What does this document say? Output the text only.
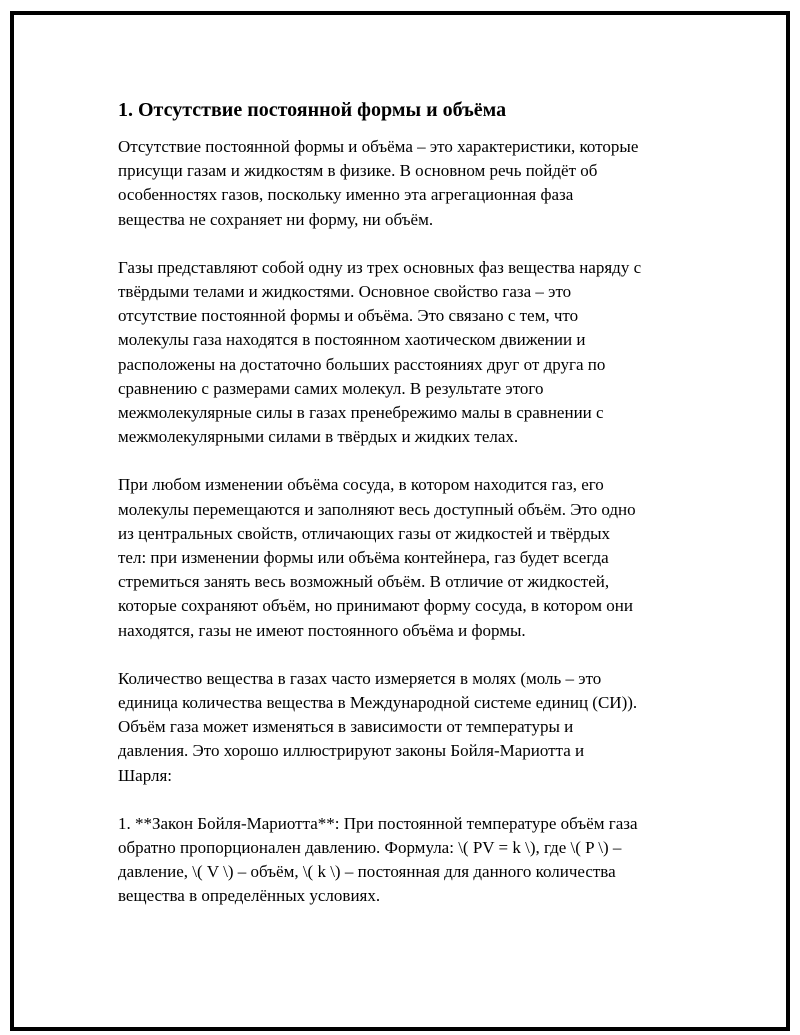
1. Отсутствие постоянной формы и объёма

Отсутствие постоянной формы и объёма – это характеристики, которые
присущи газам и жидкостям в физике. В основном речь пойдёт об
особенностях газов, поскольку именно эта агрегационная фаза
вещества не сохраняет ни форму, ни объём.

Газы представляют собой одну из трех основных фаз вещества наряду с
твёрдыми телами и жидкостями. Основное свойство газа – это
отсутствие постоянной формы и объёма. Это связано с тем, что
молекулы газа находятся в постоянном хаотическом движении и
расположены на достаточно больших расстояниях друг от друга по
сравнению с размерами самих молекул. В результате этого
межмолекулярные силы в газах пренебрежимо малы в сравнении с
межмолекулярными силами в твёрдых и жидких телах.

При любом изменении объёма сосуда, в котором находится газ, его
молекулы перемещаются и заполняют весь доступный объём. Это одно
из центральных свойств, отличающих газы от жидкостей и твёрдых
тел: при изменении формы или объёма контейнера, газ будет всегда
стремиться занять весь возможный объём. В отличие от жидкостей,
которые сохраняют объём, но принимают форму сосуда, в котором они
находятся, газы не имеют постоянного объёма и формы.

Количество вещества в газах часто измеряется в молях (моль – это
единица количества вещества в Международной системе единиц (СИ)).
Объём газа может изменяться в зависимости от температуры и
давления. Это хорошо иллюстрируют законы Бойля-Мариотта и
Шарля:

1. **Закон Бойля-Мариотта**: При постоянной температуре объём газа
обратно пропорционален давлению. Формула: \( PV = k \), где \( P \) –
давление, \( V \) – объём, \( k \) – постоянная для данного количества
вещества в определённых условиях.
